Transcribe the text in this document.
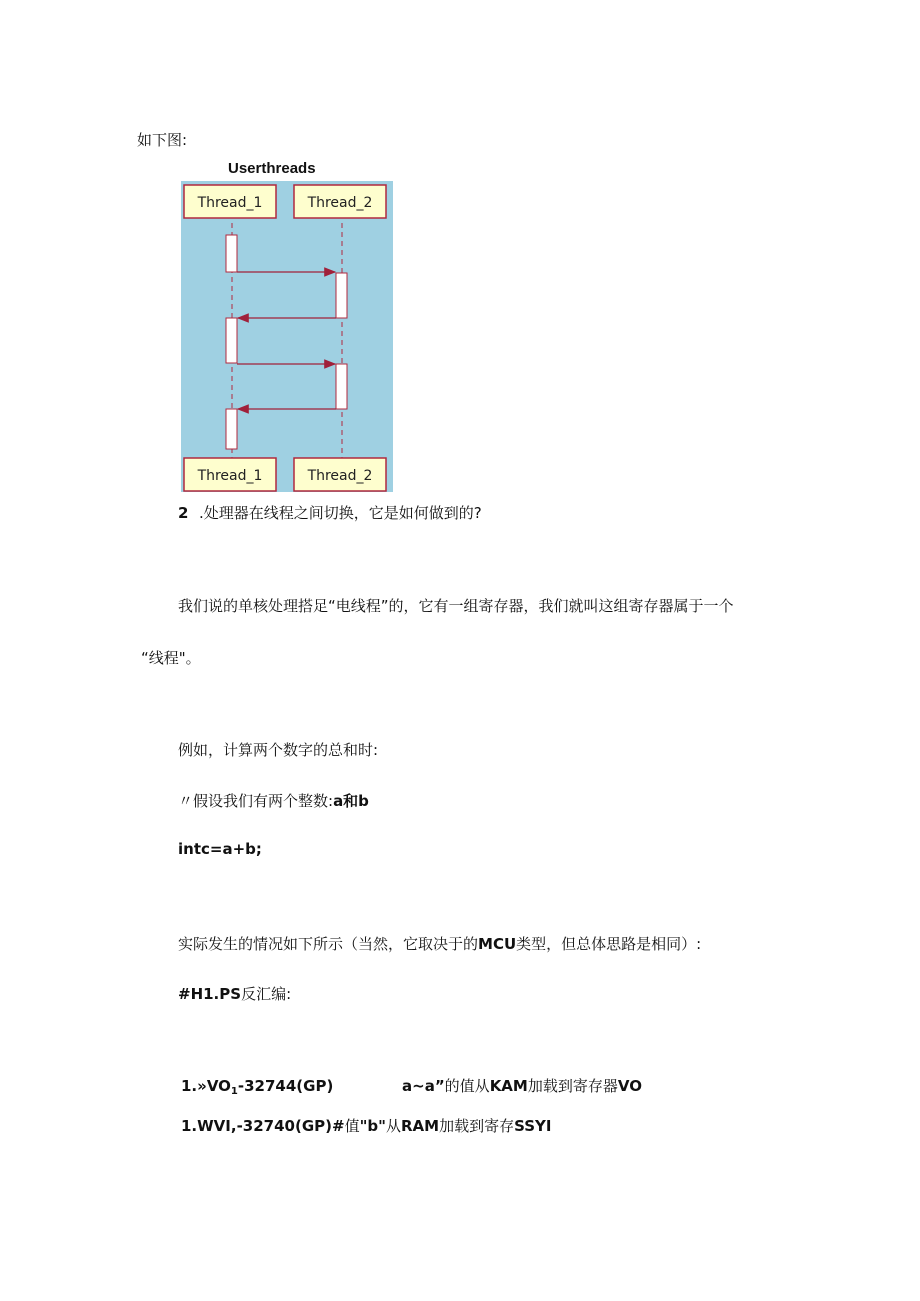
如下图:
Userthreads
Thread_1	Thread_2
Thread_1	Thread_2
2 .处理器在线程之间切换，它是如何做到的?
我们说的单核处理搭足“电线程”的，它有一组寄存器，我们就叫这组寄存器属于一个
“线程"。
例如，计算两个数字的总和时:
〃假设我们有两个整数:a和b
intc=a+b;
实际发生的情况如下所示（当然，它取决于的MCU类型，但总体思路是相同）:
#H1.PS反汇编:
$1.»VO_1-32744(GP)$	a~a”的值从KAM加载到寄存器VO
1.WVI,-32740(GP)#值"b"从RAM加载到寄存SSYI
